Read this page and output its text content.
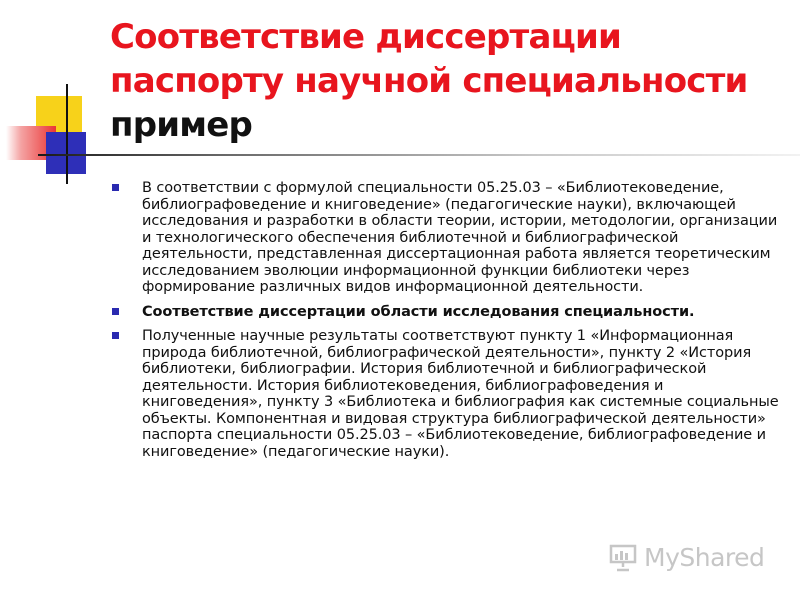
Соответствие диссертации
паспорту научной специальности
пример
В соответствии с формулой специальности 05.25.03 – «Библиотековедение, библиографоведение и книговедение» (педагогические науки), включающей исследования и разработки в области теории, истории, методологии, организации и технологического обеспечения библиотечной и библиографической деятельности, представленная диссертационная работа является теоретическим исследованием эволюции информационной функции библиотеки через формирование различных видов информационной деятельности.
Соответствие диссертации области исследования специальности.
Полученные научные результаты соответствуют пункту 1 «Информационная природа библиотечной, библиографической деятельности», пункту 2 «История библиотеки, библиографии. История библиотечной и библиографической деятельности. История библиотековедения, библиографоведения и книговедения», пункту 3 «Библиотека и библиография как системные социальные объекты. Компонентная и видовая структура библиографической деятельности» паспорта специальности 05.25.03 – «Библиотековедение, библиографоведение и книговедение» (педагогические науки).
MyShared
